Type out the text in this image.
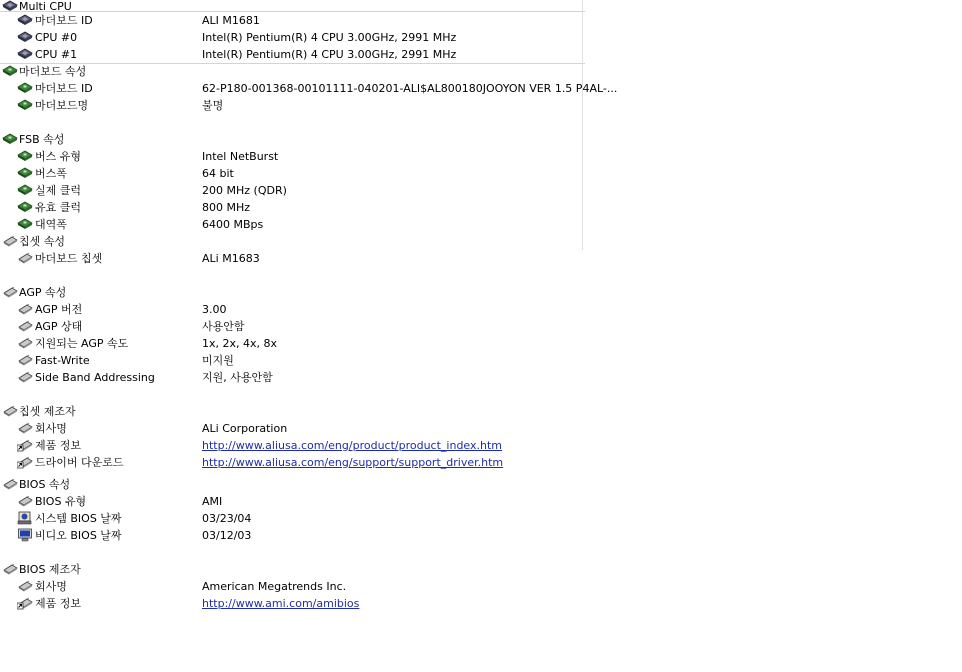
Multi CPU
마더보드 ID	ALI M1681
CPU #0	Intel(R) Pentium(R) 4 CPU 3.00GHz, 2991 MHz
CPU #1	Intel(R) Pentium(R) 4 CPU 3.00GHz, 2991 MHz
마더보드 속성
마더보드 ID	62-P180-001368-00101111-040201-ALI$AL800180JOOYON VER 1.5 P4AL-...
마더보드명	불명
FSB 속성
버스 유형	Intel NetBurst
버스폭	64 bit
실제 클럭	200 MHz (QDR)
유효 클럭	800 MHz
대역폭	6400 MBps
칩셋 속성
마더보드 칩셋	ALi M1683
AGP 속성
AGP 버전	3.00
AGP 상태	사용안함
지원되는 AGP 속도	1x, 2x, 4x, 8x
Fast-Write	미지원
Side Band Addressing	지원, 사용안함
칩셋 제조자
회사명	ALi Corporation
제품 정보	http://www.aliusa.com/eng/product/product_index.htm
드라이버 다운로드	http://www.aliusa.com/eng/support/support_driver.htm
BIOS 속성
BIOS 유형	AMI
시스템 BIOS 날짜	03/23/04
비디오 BIOS 날짜	03/12/03
BIOS 제조자
회사명	American Megatrends Inc.
제품 정보	http://www.ami.com/amibios
